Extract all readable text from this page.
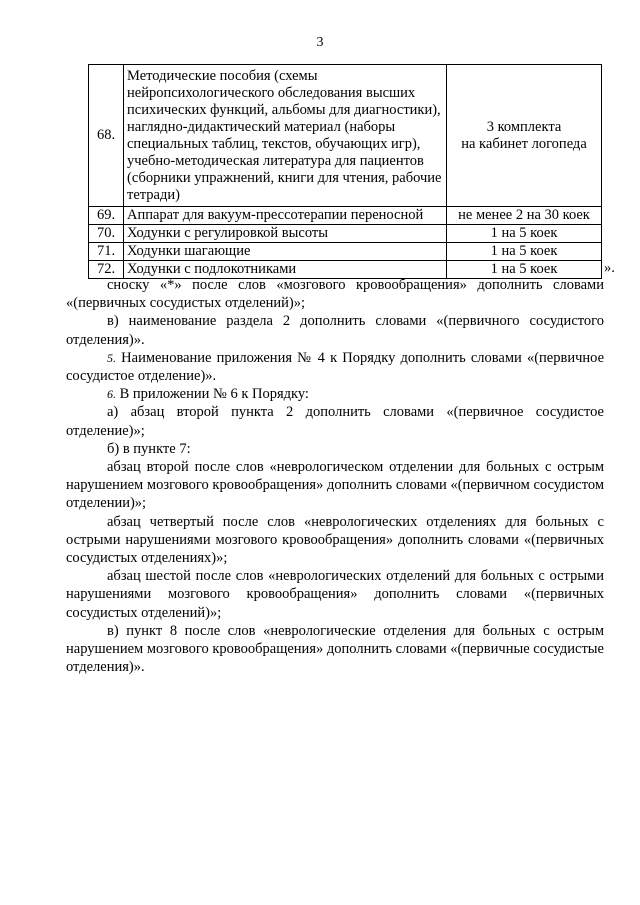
3
68.	Методические пособия (схемы нейропсихологического обследования высших психических функций, альбомы для диагностики), наглядно-дидактический материал (наборы специальных таблиц, текстов, обучающих игр), учебно-методическая литература для пациентов (сборники упражнений, книги для чтения, рабочие тетради)	3 комплекта
на кабинет логопеда

69.	Аппарат для вакуум-прессотерапии переносной	не менее 2 на 30 коек
70.	Ходунки с регулировкой высоты	1 на 5 коек
71.	Ходунки шагающие	1 на 5 коек
72.	Ходунки с подлокотниками	1 на 5 коек	».

сноску «*» после слов «мозгового кровообращения» дополнить словами «(первичных сосудистых отделений)»;

в) наименование раздела 2 дополнить словами «(первичного сосудистого отделения)».

5. Наименование приложения № 4 к Порядку дополнить словами «(первичное сосудистое отделение)».

6. В приложении № 6 к Порядку:

а) абзац второй пункта 2 дополнить словами «(первичное сосудистое отделение)»;

б) в пункте 7:

абзац второй после слов «неврологическом отделении для больных с острым нарушением мозгового кровообращения» дополнить словами «(первичном сосудистом отделении)»;

абзац четвертый после слов «неврологических отделениях для больных с острыми нарушениями мозгового кровообращения» дополнить словами «(первичных сосудистых отделениях)»;

абзац шестой после слов «неврологических отделений для больных с острыми нарушениями мозгового кровообращения» дополнить словами «(первичных сосудистых отделений)»;

в) пункт 8 после слов «неврологические отделения для больных с острым нарушением мозгового кровообращения» дополнить словами «(первичные сосудистые отделения)».
